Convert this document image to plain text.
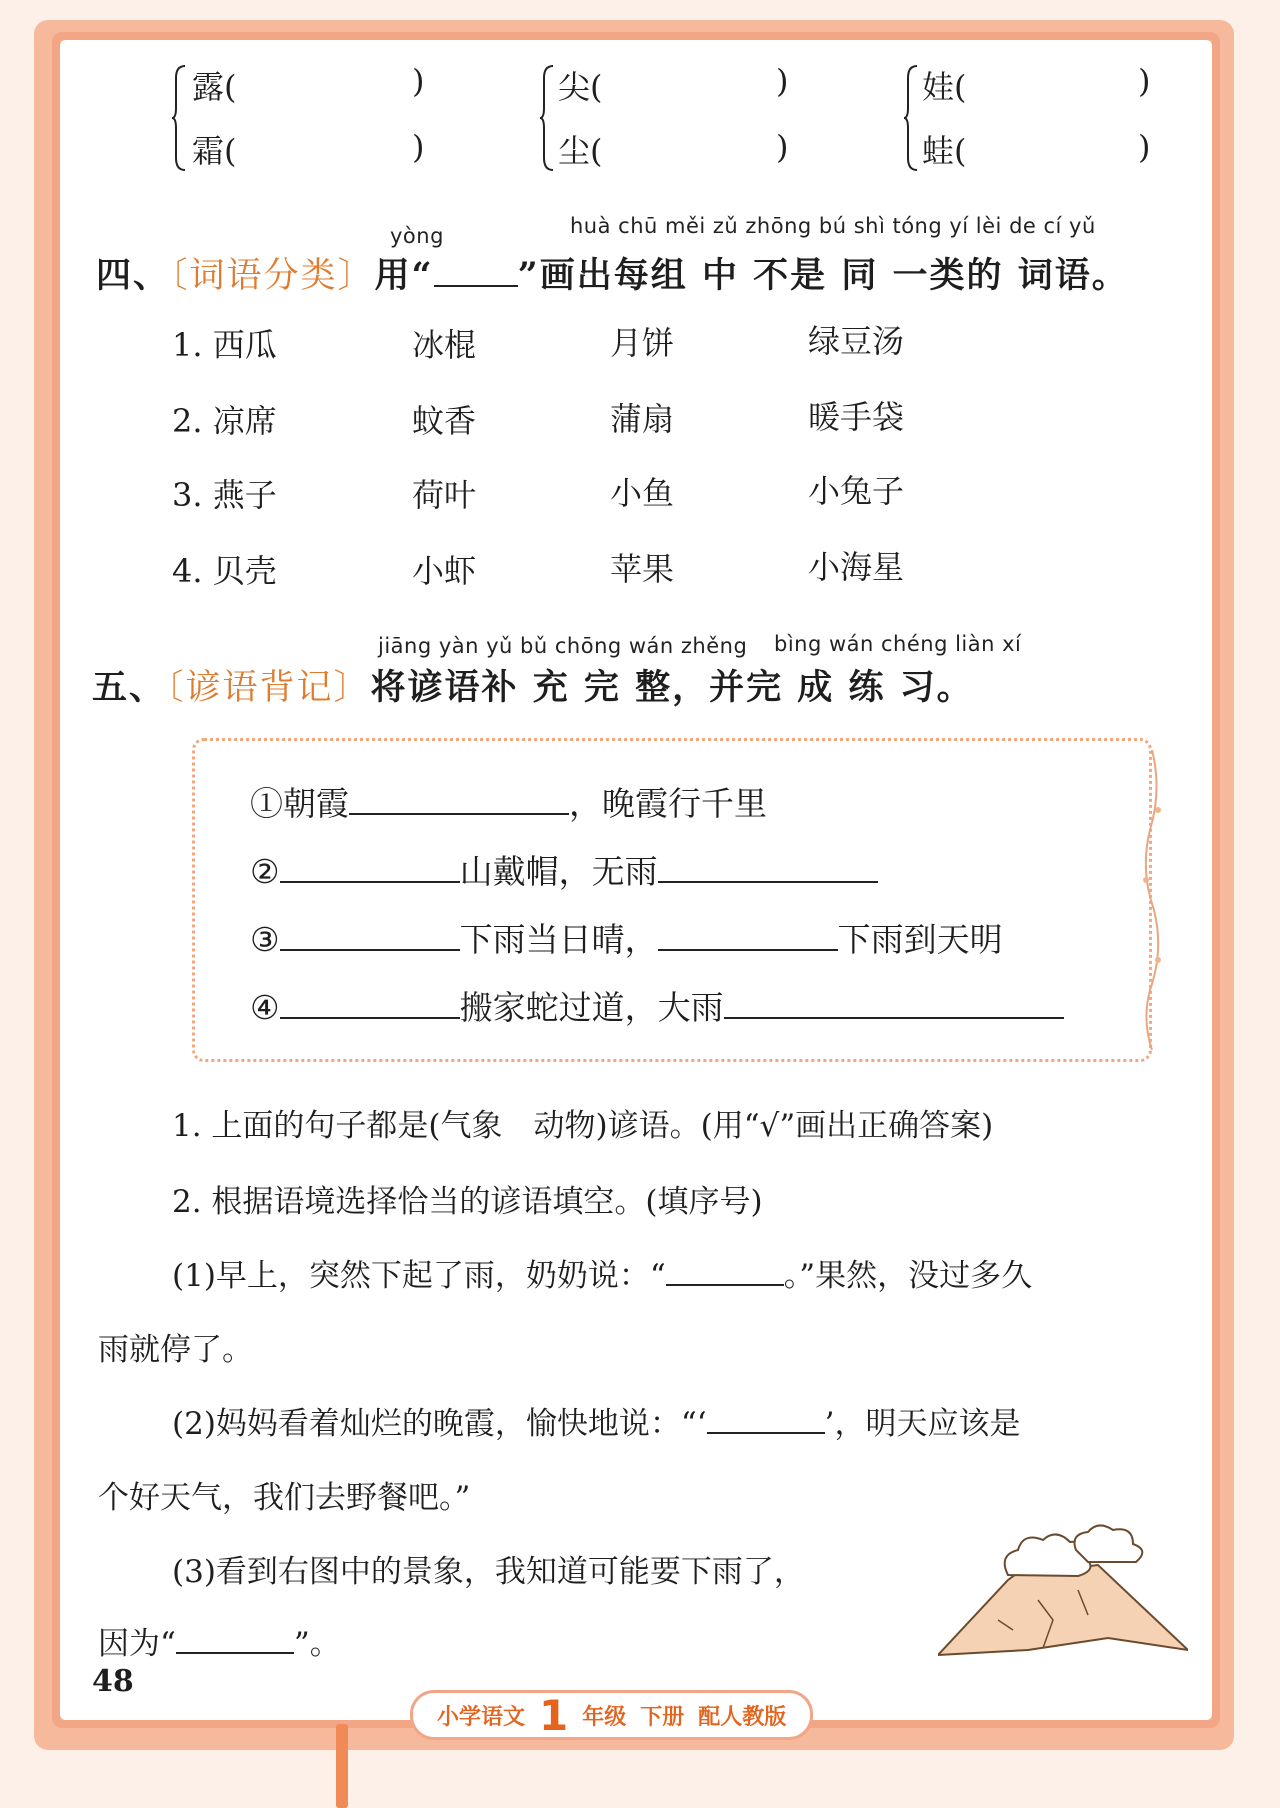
露(	)
霜(	)
尖(	)
尘(	)
娃(	)
蛙(	)
yòng	huà chū měi zǔ zhōng bú shì tóng yí lèi de cí yǔ
四、〔词语分类〕用“ ”画出每组 中 不是 同 一类的 词语。
1. 西瓜	冰棍	月饼	绿豆汤
2. 凉席	蚊香	蒲扇	暖手袋
3. 燕子	荷叶	小鱼	小兔子
4. 贝壳	小虾	苹果	小海星
jiāng yàn yǔ bǔ chōng wán zhěng bìng wán chéng liàn xí
五、〔谚语背记〕将谚语补 充 完 整，并完 成 练 习。
①朝霞	，晚霞行千里
②	山戴帽，无雨
③	下雨当日晴，	下雨到天明
④	搬家蛇过道，大雨
1. 上面的句子都是(气象　动物)谚语。(用“√”画出正确答案)
2. 根据语境选择恰当的谚语填空。(填序号)
(1)早上，突然下起了雨，奶奶说：“	。”果然，没过多久
雨就停了。
(2)妈妈看着灿烂的晚霞，愉快地说：“‘	’，明天应该是
个好天气，我们去野餐吧。”
(3)看到右图中的景象，我知道可能要下雨了，
因为“	”。
48
小学语文 1 年级 下册 配人教版
